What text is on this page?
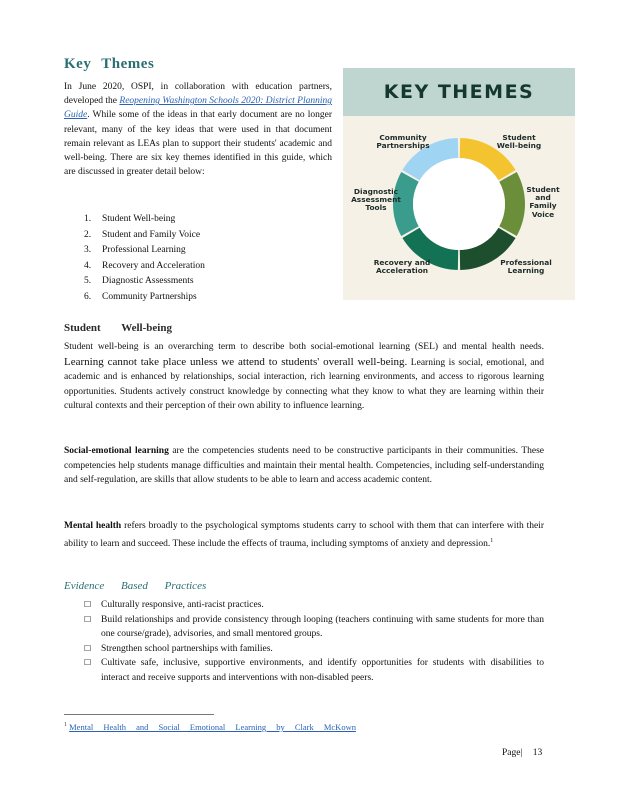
Key Themes
In June 2020, OSPI, in collaboration with education partners, developed the Reopening Washington Schools 2020: District Planning Guide. While some of the ideas in that early document are no longer relevant, many of the key ideas that were used in that document remain relevant as LEAs plan to support their students' academic and well-being. There are six key themes identified in this guide, which are discussed in greater detail below:
1.	Student Well-being
2.	Student and Family Voice
3.	Professional Learning
4.	Recovery and Acceleration
5.	Diagnostic Assessments
6.	Community Partnerships
KEY THEMES
Student Well-being
Student and Family Voice
Professional Learning
Recovery and Acceleration
Diagnostic Assessment Tools
Community Partnerships
Student Well-being
Student well-being is an overarching term to describe both social-emotional learning (SEL) and mental health needs. Learning cannot take place unless we attend to students' overall well-being. Learning is social, emotional, and academic and is enhanced by relationships, social interaction, rich learning environments, and access to rigorous learning opportunities. Students actively construct knowledge by connecting what they know to what they are learning within their cultural contexts and their perception of their own ability to influence learning.
Social-emotional learning are the competencies students need to be constructive participants in their communities. These competencies help students manage difficulties and maintain their mental health. Competencies, including self-understanding and self-regulation, are skills that allow students to be able to learn and access academic content.
Mental health refers broadly to the psychological symptoms students carry to school with them that can interfere with their ability to learn and succeed. These include the effects of trauma, including symptoms of anxiety and depression.$^1$
Evidence Based Practices
☐	Culturally responsive, anti-racist practices.
☐	Build relationships and provide consistency through looping (teachers continuing with same students for more than one course/grade), advisories, and small mentored groups.
☐	Strengthen school partnerships with families.
☐	Cultivate safe, inclusive, supportive environments, and identify opportunities for students with disabilities to interact and receive supports and interventions with non-disabled peers.
$^1$ Mental Health and Social Emotional Learning by Clark McKown
Page| 13
